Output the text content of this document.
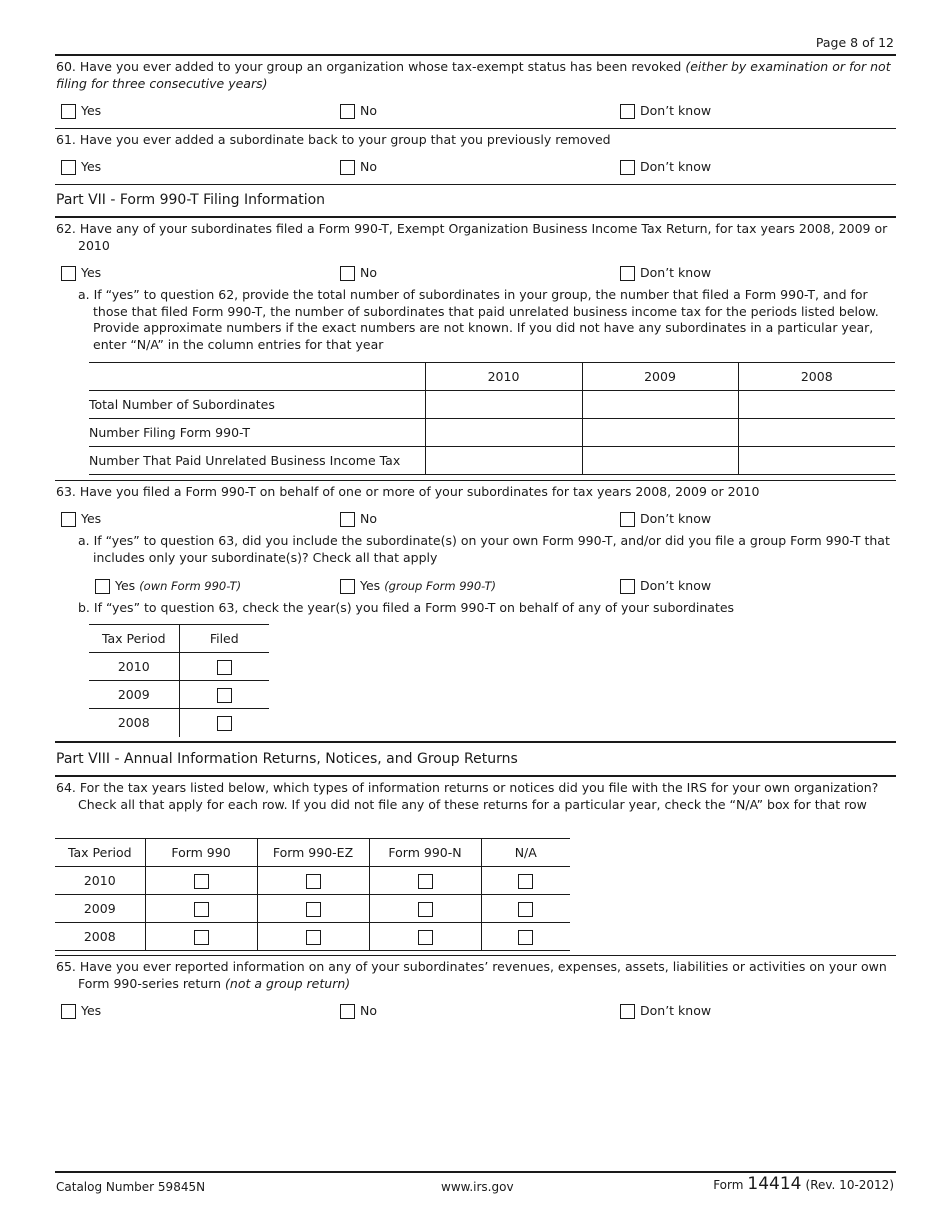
Page 8 of 12
60. Have you ever added to your group an organization whose tax-exempt status has been revoked (either by examination or for not filing for three consecutive years)
Yes	No	Don’t know
61. Have you ever added a subordinate back to your group that you previously removed
Yes	No	Don’t know
Part VII - Form 990-T Filing Information
62. Have any of your subordinates filed a Form 990-T, Exempt Organization Business Income Tax Return, for tax years 2008, 2009 or 2010
Yes	No	Don’t know
a. If “yes” to question 62, provide the total number of subordinates in your group, the number that filed a Form 990-T, and for those that filed Form 990-T, the number of subordinates that paid unrelated business income tax for the periods listed below. Provide approximate numbers if the exact numbers are not known. If you did not have any subordinates in a particular year, enter “N/A” in the column entries for that year
	2010	2009	2008
Total Number of Subordinates			
Number Filing Form 990-T			
Number That Paid Unrelated Business Income Tax			
63. Have you filed a Form 990-T on behalf of one or more of your subordinates for tax years 2008, 2009 or 2010
Yes	No	Don’t know
a. If “yes” to question 63, did you include the subordinate(s) on your own Form 990-T, and/or did you file a group Form 990-T that includes only your subordinate(s)? Check all that apply
Yes (own Form 990-T)	Yes (group Form 990-T)	Don’t know
b. If “yes” to question 63, check the year(s) you filed a Form 990-T on behalf of any of your subordinates
Tax Period	Filed
2010	
2009	
2008	
Part VIII - Annual Information Returns, Notices, and Group Returns
64. For the tax years listed below, which types of information returns or notices did you file with the IRS for your own organization? Check all that apply for each row. If you did not file any of these returns for a particular year, check the “N/A” box for that row
Tax Period	Form 990	Form 990-EZ	Form 990-N	N/A
2010				
2009				
2008				
65. Have you ever reported information on any of your subordinates’ revenues, expenses, assets, liabilities or activities on your own Form 990-series return (not a group return)
Yes	No	Don’t know
Catalog Number 59845N	www.irs.gov	Form 14414 (Rev. 10-2012)
